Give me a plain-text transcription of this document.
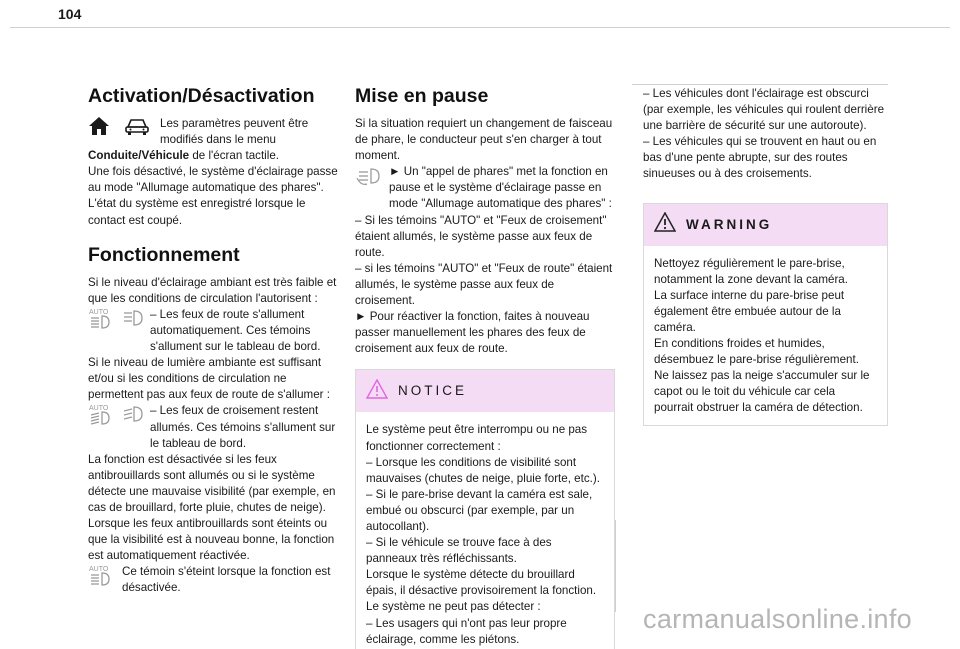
104
Activation/Désactivation
Les paramètres peuvent être modifiés dans le menu

Conduite/Véhicule de l'écran tactile.

Une fois désactivé, le système d'éclairage passe au mode "Allumage automatique des phares". L'état du système est enregistré lorsque le contact est coupé.

Fonctionnement

Si le niveau d'éclairage ambiant est très faible et que les conditions de circulation l'autorisent :

AUTO	– Les feux de route s'allument automatiquement. Ces témoins s'allument sur le tableau de bord.

Si le niveau de lumière ambiante est suffisant et/ou si les conditions de circulation ne permettent pas aux feux de route de s'allumer :

AUTO	– Les feux de croisement restent allumés. Ces témoins s'allument sur le tableau de bord.

La fonction est désactivée si les feux antibrouillards sont allumés ou si le système détecte une mauvaise visibilité (par exemple, en cas de brouillard, forte pluie, chutes de neige). Lorsque les feux antibrouillards sont éteints ou que la visibilité est à nouveau bonne, la fonction est automatiquement réactivée.

AUTO Ce témoin s'éteint lorsque la fonction est désactivée.
Mise en pause

Si la situation requiert un changement de faisceau de phare, le conducteur peut s'en charger à tout moment.

► Un "appel de phares" met la fonction en pause et le système d'éclairage passe en mode "Allumage automatique des phares" :

– Si les témoins "AUTO" et "Feux de croisement" étaient allumés, le système passe aux feux de route.

– si les témoins "AUTO" et "Feux de route" étaient allumés, le système passe aux feux de croisement.

► Pour réactiver la fonction, faites à nouveau passer manuellement les phares des feux de croisement aux feux de route.

NOTICE

Le système peut être interrompu ou ne pas fonctionner correctement :

– Lorsque les conditions de visibilité sont mauvaises (chutes de neige, pluie forte, etc.).

– Si le pare-brise devant la caméra est sale, embué ou obscurci (par exemple, par un autocollant).

– Si le véhicule se trouve face à des panneaux très réfléchissants.

Lorsque le système détecte du brouillard épais, il désactive provisoirement la fonction.

Le système ne peut pas détecter :

– Les usagers qui n'ont pas leur propre éclairage, comme les piétons.

– Les véhicules dont l'éclairage est obscurci (par exemple, les véhicules qui roulent derrière une barrière de sécurité sur une autoroute).

– Les véhicules qui se trouvent en haut ou en bas d'une pente abrupte, sur des routes sinueuses ou à des croisements.

WARNING

Nettoyez régulièrement le pare-brise, notamment la zone devant la caméra.

La surface interne du pare-brise peut également être embuée autour de la caméra.

En conditions froides et humides, désembuez le pare-brise régulièrement.

Ne laissez pas la neige s'accumuler sur le capot ou le toit du véhicule car cela pourrait obstruer la caméra de détection.

carmanualsonline.info
